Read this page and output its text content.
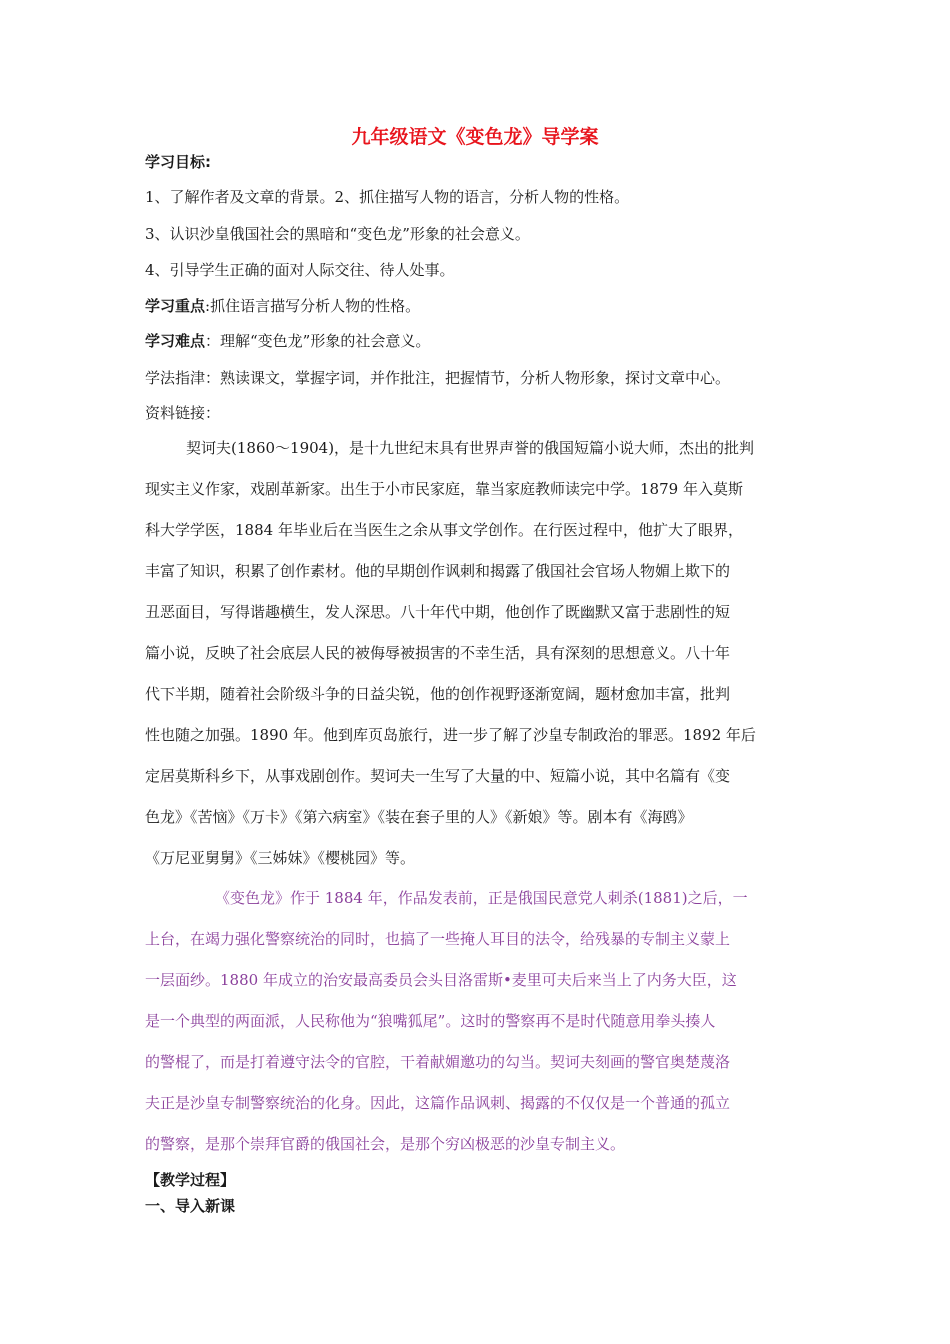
九年级语文《变色龙》导学案
学习目标:
1、了解作者及文章的背景。2、抓住描写人物的语言，分析人物的性格。
3、认识沙皇俄国社会的黑暗和“变色龙”形象的社会意义。
4、引导学生正确的面对人际交往、待人处事。
学习重点:抓住语言描写分析人物的性格。
学习难点：理解“变色龙”形象的社会意义。
学法指津：熟读课文，掌握字词，并作批注，把握情节，分析人物形象，探讨文章中心。
资料链接：
契诃夫(1860～1904)，是十九世纪末具有世界声誉的俄国短篇小说大师，杰出的批判
现实主义作家，戏剧革新家。出生于小市民家庭，靠当家庭教师读完中学。1879 年入莫斯
科大学学医，1884 年毕业后在当医生之余从事文学创作。在行医过程中，他扩大了眼界，
丰富了知识，积累了创作素材。他的早期创作讽刺和揭露了俄国社会官场人物媚上欺下的
丑恶面目，写得谐趣横生，发人深思。八十年代中期，他创作了既幽默又富于悲剧性的短
篇小说，反映了社会底层人民的被侮辱被损害的不幸生活，具有深刻的思想意义。八十年
代下半期，随着社会阶级斗争的日益尖锐，他的创作视野逐渐宽阔，题材愈加丰富，批判
性也随之加强。1890 年。他到库页岛旅行，进一步了解了沙皇专制政治的罪恶。1892 年后
定居莫斯科乡下，从事戏剧创作。契诃夫一生写了大量的中、短篇小说，其中名篇有《变
色龙》《苦恼》《万卡》《第六病室》《装在套子里的人》《新娘》等。剧本有《海鸥》
《万尼亚舅舅》《三姊妹》《樱桃园》等。
《变色龙》作于 1884 年，作品发表前，正是俄国民意党人刺杀(1881)之后，一
上台，在竭力强化警察统治的同时，也搞了一些掩人耳目的法令，给残暴的专制主义蒙上
一层面纱。1880 年成立的治安最高委员会头目洛雷斯•麦里可夫后来当上了内务大臣，这
是一个典型的两面派，人民称他为“狼嘴狐尾”。这时的警察再不是时代随意用拳头揍人
的警棍了，而是打着遵守法令的官腔，干着献媚邀功的勾当。契诃夫刻画的警官奥楚蔑洛
夫正是沙皇专制警察统治的化身。因此，这篇作品讽刺、揭露的不仅仅是一个普通的孤立
的警察，是那个崇拜官爵的俄国社会，是那个穷凶极恶的沙皇专制主义。
【教学过程】
一、导入新课
